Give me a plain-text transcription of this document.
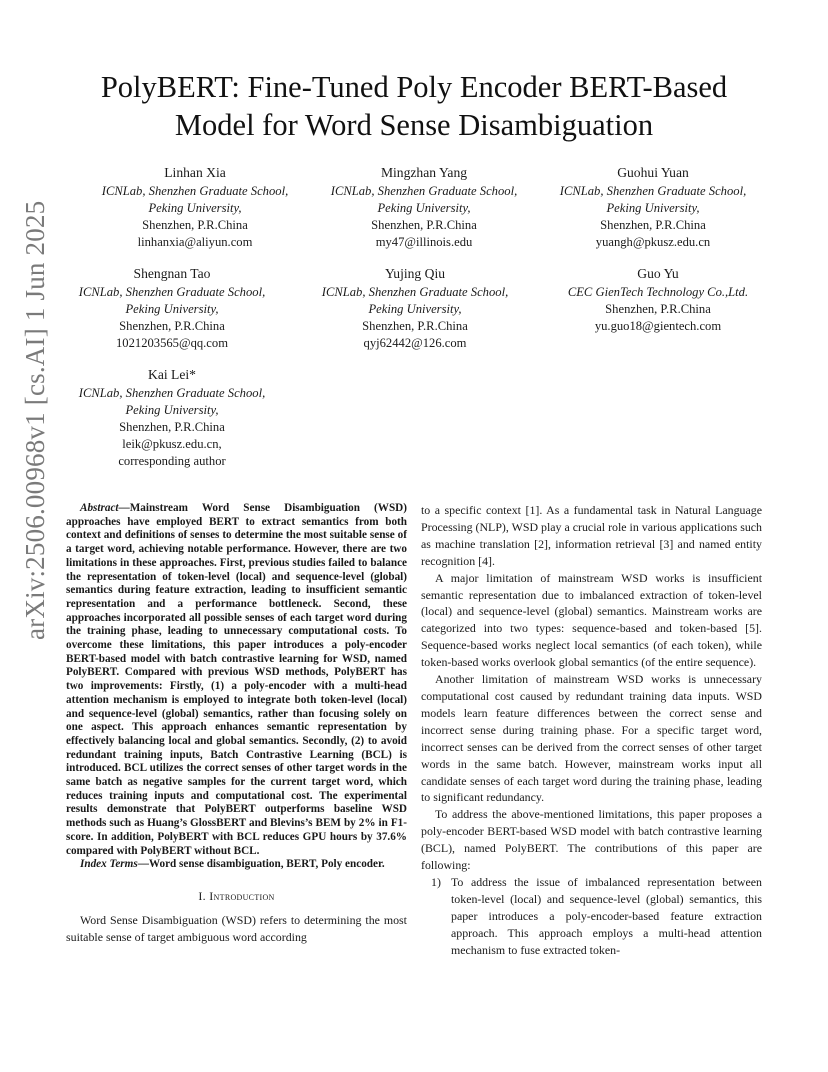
arXiv:2506.00968v1 [cs.AI] 1 Jun 2025
PolyBERT: Fine-Tuned Poly Encoder BERT-Based
Model for Word Sense Disambiguation
Linhan Xia
ICNLab, Shenzhen Graduate School,
Peking University,
Shenzhen, P.R.China
linhanxia@aliyun.com
Mingzhan Yang
ICNLab, Shenzhen Graduate School,
Peking University,
Shenzhen, P.R.China
my47@illinois.edu
Guohui Yuan
ICNLab, Shenzhen Graduate School,
Peking University,
Shenzhen, P.R.China
yuangh@pkusz.edu.cn
Shengnan Tao
ICNLab, Shenzhen Graduate School,
Peking University,
Shenzhen, P.R.China
1021203565@qq.com
Yujing Qiu
ICNLab, Shenzhen Graduate School,
Peking University,
Shenzhen, P.R.China
qyj62442@126.com
Guo Yu
CEC GienTech Technology Co.,Ltd.
Shenzhen, P.R.China
yu.guo18@gientech.com
Kai Lei*
ICNLab, Shenzhen Graduate School,
Peking University,
Shenzhen, P.R.China
leik@pkusz.edu.cn,
corresponding author

Abstract—Mainstream Word Sense Disambiguation (WSD) approaches have employed BERT to extract semantics from both context and definitions of senses to determine the most suitable sense of a target word, achieving notable performance. However, there are two limitations in these approaches. First, previous studies failed to balance the representation of token-level (local) and sequence-level (global) semantics during feature extraction, leading to insufficient semantic representation and a performance bottleneck. Second, these approaches incorporated all possible senses of each target word during the training phase, leading to unnecessary computational costs. To overcome these limitations, this paper introduces a poly-encoder BERT-based model with batch contrastive learning for WSD, named PolyBERT. Compared with previous WSD methods, PolyBERT has two improvements: Firstly, (1) a poly-encoder with a multi-head attention mechanism is employed to integrate both token-level (local) and sequence-level (global) semantics, rather than focusing solely on one aspect. This approach enhances semantic representation by effectively balancing local and global semantics. Secondly, (2) to avoid redundant training inputs, Batch Contrastive Learning (BCL) is introduced. BCL utilizes the correct senses of other target words in the same batch as negative samples for the current target word, which reduces training inputs and computational cost. The experimental results demonstrate that PolyBERT outperforms baseline WSD methods such as Huang’s GlossBERT and Blevins’s BEM by 2% in F1-score. In addition, PolyBERT with BCL reduces GPU hours by 37.6% compared with PolyBERT without BCL.

Index Terms—Word sense disambiguation, BERT, Poly encoder.

I. Introduction

Word Sense Disambiguation (WSD) refers to determining the most suitable sense of target ambiguous word according

to a specific context [1]. As a fundamental task in Natural Language Processing (NLP), WSD play a crucial role in various applications such as machine translation [2], information retrieval [3] and named entity recognition [4].

A major limitation of mainstream WSD works is insufficient semantic representation due to imbalanced extraction of token-level (local) and sequence-level (global) semantics. Mainstream works are categorized into two types: sequence-based and token-based [5]. Sequence-based works neglect local semantics (of each token), while token-based works overlook global semantics (of the entire sequence).

Another limitation of mainstream WSD works is unnecessary computational cost caused by redundant training data inputs. WSD models learn feature differences between the correct sense and incorrect sense during training phase. For a specific target word, incorrect senses can be derived from the correct senses of other target words in the same batch. However, mainstream works input all candidate senses of each target word during the training phase, leading to significant redundancy.

To address the above-mentioned limitations, this paper proposes a poly-encoder BERT-based WSD model with batch contrastive learning (BCL), named PolyBERT. The contributions of this paper are following:

1) To address the issue of imbalanced representation between token-level (local) and sequence-level (global) semantics, this paper introduces a poly-encoder-based feature extraction approach. This approach employs a multi-head attention mechanism to fuse extracted token-
